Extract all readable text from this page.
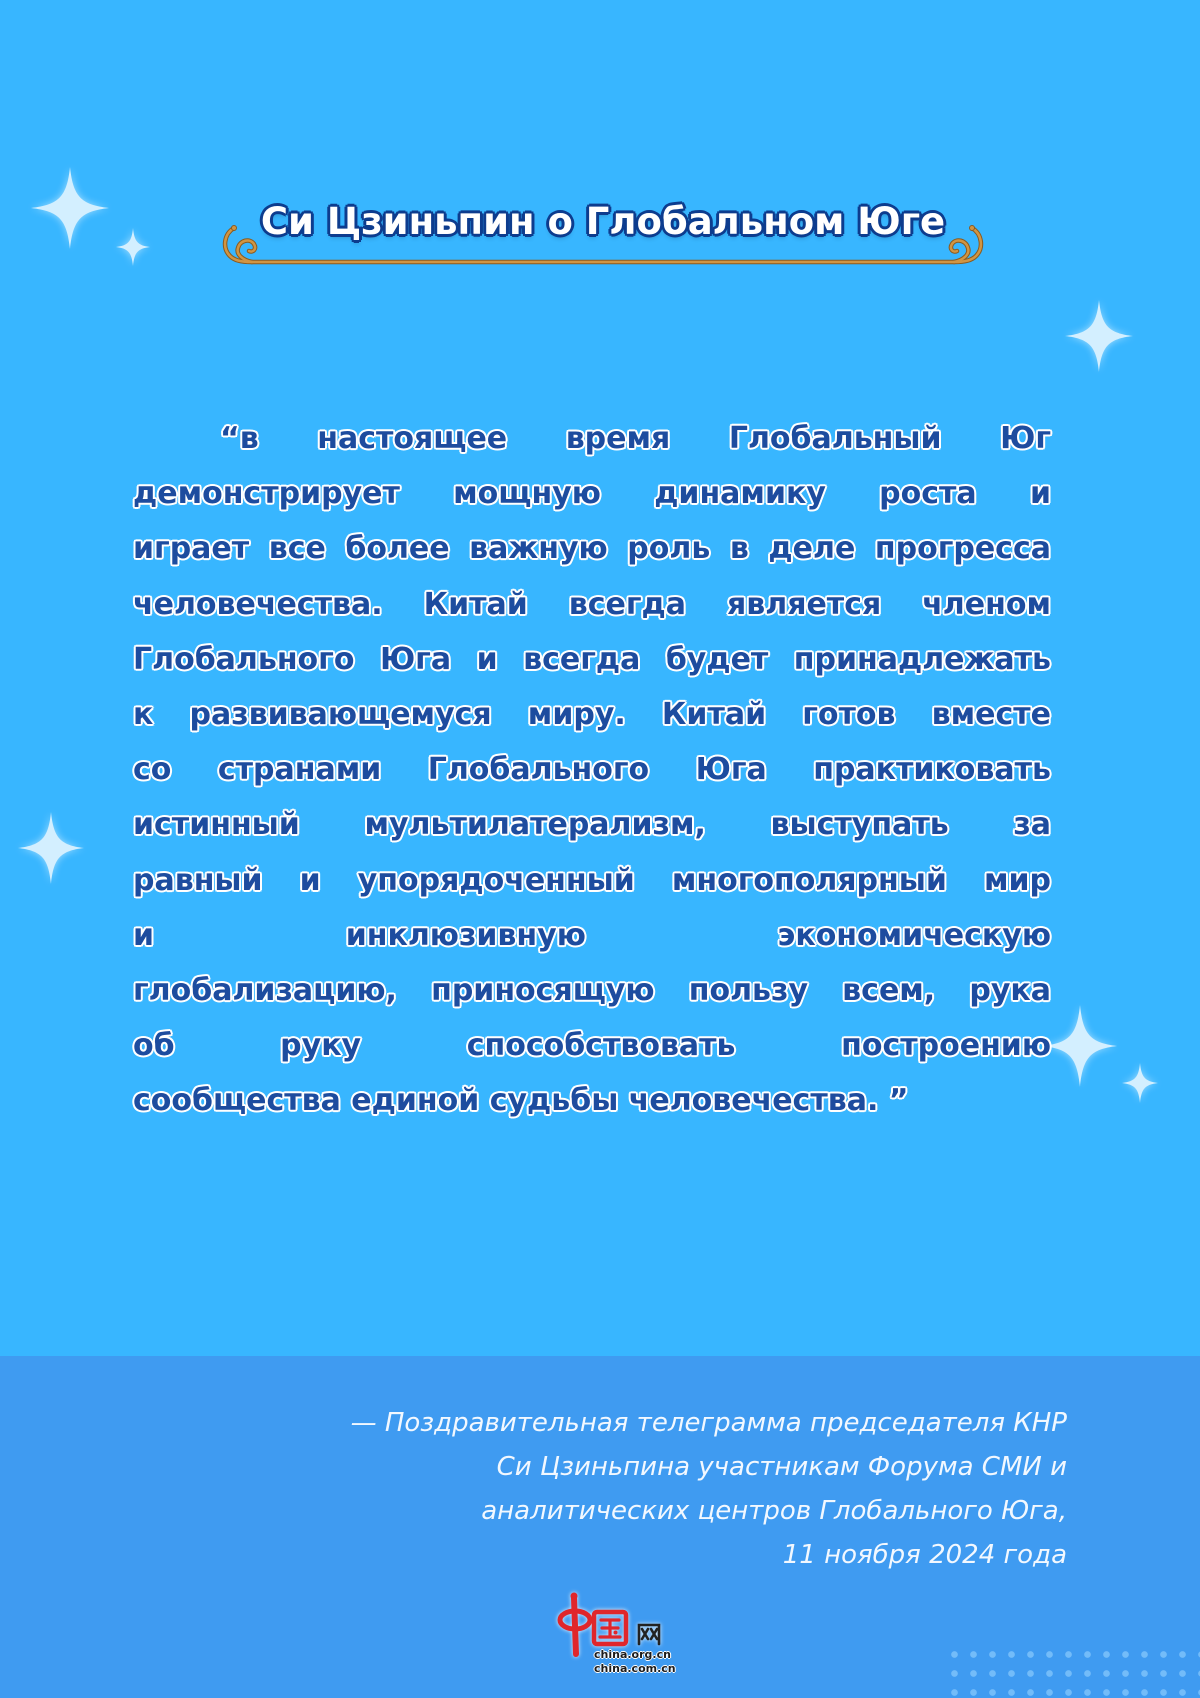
Си Цзиньпин о Глобальном Юге
“в настоящее время Глобальный Юг
демонстрирует мощную динамику роста и
играет все более важную роль в деле прогресса
человечества. Китай всегда является членом
Глобального Юга и всегда будет принадлежать
к развивающемуся миру. Китай готов вместе
со странами Глобального Юга практиковать
истинный мультилатерализм, выступать за
равный и упорядоченный многополярный мир
и инклюзивную экономическую
глобализацию, приносящую пользу всем, рука
об руку способствовать построению
сообщества единой судьбы человечества. ”
— Поздравительная телеграмма председателя КНР
Си Цзиньпина участникам Форума СМИ и
аналитических центров Глобального Юга,
11 ноября 2024 года
china.org.cn
china.com.cn
